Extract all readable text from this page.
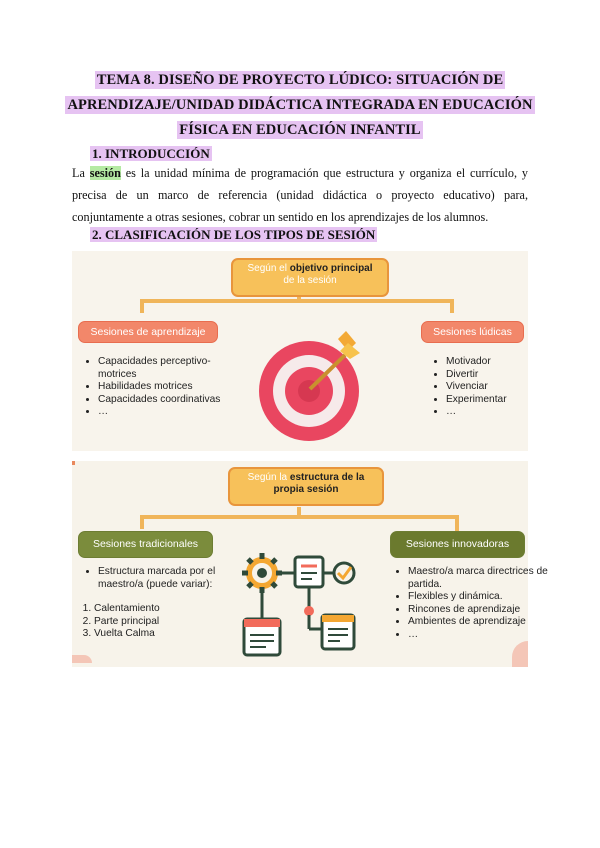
TEMA 8. DISEÑO DE PROYECTO LÚDICO: SITUACIÓN DE
APRENDIZAJE/UNIDAD DIDÁCTICA INTEGRADA EN EDUCACIÓN
FÍSICA EN EDUCACIÓN INFANTIL
1. INTRODUCCIÓN
La sesión es la unidad mínima de programación que estructura y organiza el currículo, y precisa de un marco de referencia (unidad didáctica o proyecto educativo) para, conjuntamente a otras sesiones, cobrar un sentido en los aprendizajes de los alumnos.
2. CLASIFICACIÓN DE LOS TIPOS DE SESIÓN
Según el objetivo principal
de la sesión
Sesiones de aprendizaje	Sesiones lúdicas
• Capacidades perceptivo-motrices
• Habilidades motrices
• Capacidades coordinativas
• …
• Motivador
• Divertir
• Vivenciar
• Experimentar
• …
Según la estructura de la
propia sesión
Sesiones tradicionales	Sesiones innovadoras
• Estructura marcada por el maestro/a (puede variar):
1. Calentamiento
2. Parte principal
3. Vuelta Calma
• Maestro/a marca directrices de partida.
• Flexibles y dinámica.
• Rincones de aprendizaje
• Ambientes de aprendizaje
• …
